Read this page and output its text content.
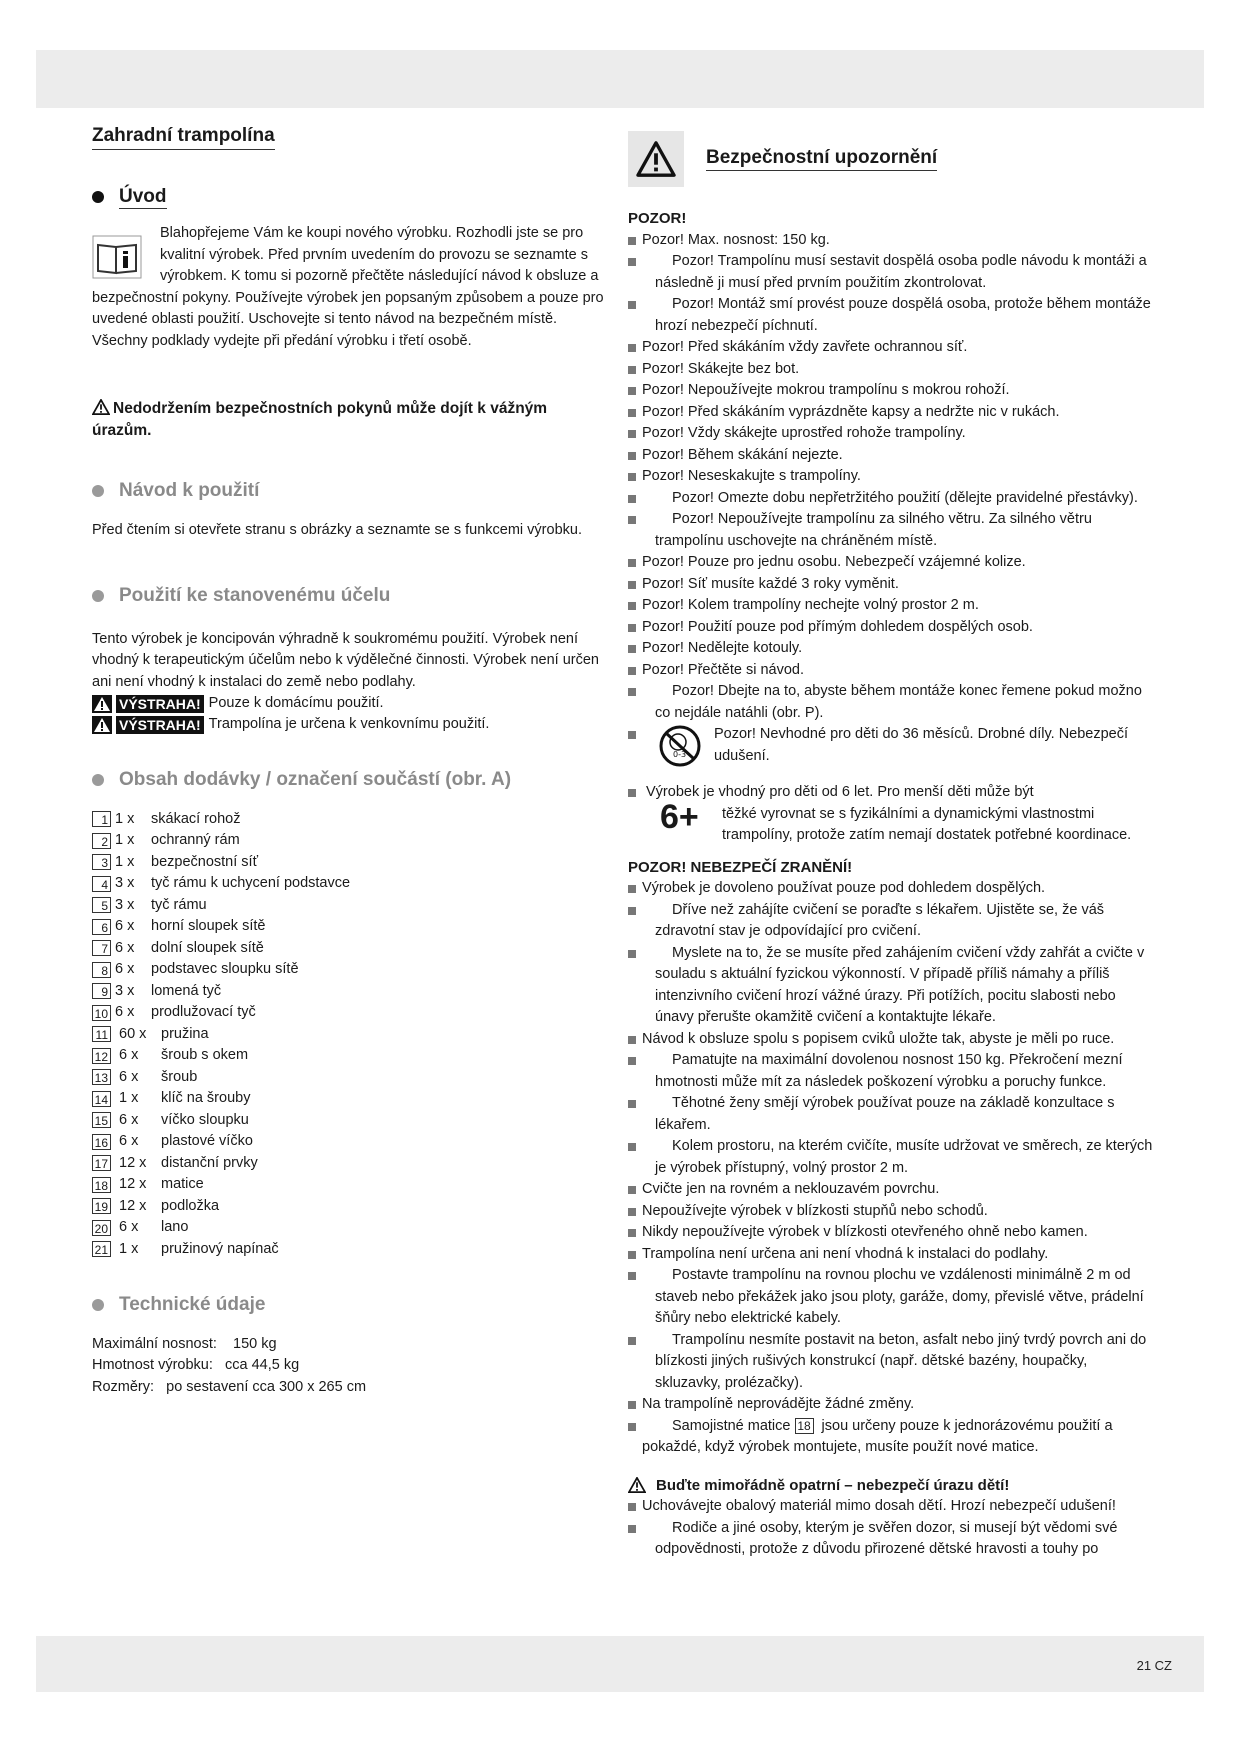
Zahradní trampolína
Úvod

Blahopřejeme Vám ke koupi nového výrobku. Rozhodli jste se pro kvalitní výrobek. Před prvním uvedením do provozu se seznamte s výrobkem. K tomu si pozorně přečtěte následující návod k obsluze a bezpečnostní pokyny. Používejte výrobek jen popsaným způsobem a pouze pro uvedené oblasti použití. Uschovejte si tento návod na bezpečném místě. Všechny podklady vydejte při předání výrobku i třetí osobě.

Nedodržením bezpečnostních pokynů může dojít k vážným úrazům.
Návod k použití

Před čtením si otevřete stranu s obrázky a seznamte se s funkcemi výrobku.

Použití ke stanovenému účelu

Tento výrobek je koncipován výhradně k soukromému použití. Výrobek není vhodný k terapeutickým účelům nebo k výdělečné činnosti. Výrobek není určen ani není vhodný k instalaci do země nebo podlahy.

VÝSTRAHA! Pouze k domácímu použití.
VÝSTRAHA! Trampolína je určena k venkovnímu použití.
Obsah dodávky / označení součástí (obr. A)
1 1 x	skákací rohož
2 1 x	ochranný rám
3 1 x	bezpečnostní síť
4 3 x	tyč rámu k uchycení podstavce
5 3 x	tyč rámu
6 6 x	horní sloupek sítě
7 6 x	dolní sloupek sítě
8 6 x	podstavec sloupku sítě
9 3 x	lomená tyč
10 6 x	prodlužovací tyč
11 60 x	pružina
12 6 x	šroub s okem
13 6 x	šroub
14 1 x	klíč na šrouby
15 6 x	víčko sloupku
16 6 x	plastové víčko
17 12 x	distanční prvky
18 12 x	matice
19 12 x	podložka
20 6 x	lano
21 1 x	pružinový napínač
Technické údaje
Maximální nosnost: 150 kg
Hmotnost výrobku: cca 44,5 kg
Rozměry: po sestavení cca 300 x 265 cm
Bezpečnostní upozornění
POZOR!
Pozor! Max. nosnost: 150 kg.
Pozor! Trampolínu musí sestavit dospělá osoba podle návodu k montáži a následně ji musí před prvním použitím zkontrolovat.
Pozor! Montáž smí provést pouze dospělá osoba, protože během montáže hrozí nebezpečí píchnutí.
Pozor! Před skákáním vždy zavřete ochrannou síť.
Pozor! Skákejte bez bot.
Pozor! Nepoužívejte mokrou trampolínu s mokrou rohoží.
Pozor! Před skákáním vyprázdněte kapsy a nedržte nic v rukách.
Pozor! Vždy skákejte uprostřed rohože trampolíny.
Pozor! Během skákání nejezte.
Pozor! Neseskakujte s trampolíny.
Pozor! Omezte dobu nepřetržitého použití (dělejte pravidelné přestávky).
Pozor! Nepoužívejte trampolínu za silného větru. Za silného větru trampolínu uschovejte na chráněném místě.
Pozor! Pouze pro jednu osobu. Nebezpečí vzájemné kolize.
Pozor! Síť musíte každé 3 roky vyměnit.
Pozor! Kolem trampolíny nechejte volný prostor 2 m.
Pozor! Použití pouze pod přímým dohledem dospělých osob.
Pozor! Nedělejte kotouly.
Pozor! Přečtěte si návod.
Pozor! Dbejte na to, abyste během montáže konec řemene pokud možno co nejdále natáhli (obr. P).
0-3
Pozor! Nevhodné pro děti do 36 měsíců. Drobné díly. Nebezpečí udušení.
Výrobek je vhodný pro děti od 6 let. Pro menší děti může být
6+	těžké vyrovnat se s fyzikálními a dynamickými vlastnostmi trampolíny, protože zatím nemají dostatek potřebné koordinace.
POZOR! NEBEZPEČÍ ZRANĚNÍ!
Výrobek je dovoleno používat pouze pod dohledem dospělých.
Dříve než zahájíte cvičení se poraďte s lékařem. Ujistěte se, že váš zdravotní stav je odpovídající pro cvičení.
Myslete na to, že se musíte před zahájením cvičení vždy zahřát a cvičte v souladu s aktuální fyzickou výkonností. V případě příliš námahy a příliš intenzivního cvičení hrozí vážné úrazy. Při potížích, pocitu slabosti nebo únavy přerušte okamžitě cvičení a kontaktujte lékaře.
Návod k obsluze spolu s popisem cviků uložte tak, abyste je měli po ruce.
Pamatujte na maximální dovolenou nosnost 150 kg. Překročení mezní hmotnosti může mít za následek poškození výrobku a poruchy funkce.
Těhotné ženy smějí výrobek používat pouze na základě konzultace s lékařem.
Kolem prostoru, na kterém cvičíte, musíte udržovat ve směrech, ze kterých je výrobek přístupný, volný prostor 2 m.
Cvičte jen na rovném a neklouzavém povrchu.
Nepoužívejte výrobek v blízkosti stupňů nebo schodů.
Nikdy nepoužívejte výrobek v blízkosti otevřeného ohně nebo kamen.
Trampolína není určena ani není vhodná k instalaci do podlahy.
Postavte trampolínu na rovnou plochu ve vzdálenosti minimálně 2 m od staveb nebo překážek jako jsou ploty, garáže, domy, převislé větve, prádelní šňůry nebo elektrické kabely.
Trampolínu nesmíte postavit na beton, asfalt nebo jiný tvrdý povrch ani do blízkosti jiných rušivých konstrukcí (např. dětské bazény, houpačky, skluzavky, prolézačky).
Na trampolíně neprovádějte žádné změny.
Samojistné matice 18 jsou určeny pouze k jednorázovému použití a pokaždé, když výrobek montujete, musíte použít nové matice.
Buďte mimořádně opatrní – nebezpečí úrazu dětí!
Uchovávejte obalový materiál mimo dosah dětí. Hrozí nebezpečí udušení!
Rodiče a jiné osoby, kterým je svěřen dozor, si musejí být vědomi své odpovědnosti, protože z důvodu přirozené dětské hravosti a touhy po
21 CZ
